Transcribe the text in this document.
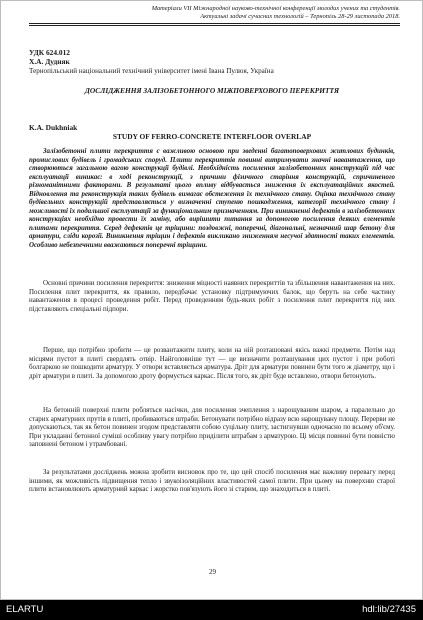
Матеріали VII Міжнародної науково-технічної конференції молодих учених та студентів.
Актуальні задачі сучасних технологій – Тернопіль 28-29 листопада 2018.
УДК 624.012
Х.А. Дудняк
Тернопільський національний технічний університет імені Івана Пулюя, Україна
ДОСЛІДЖЕННЯ ЗАЛІЗОБЕТОННОГО МІЖПОВЕРХОВОГО ПЕРЕКРИТТЯ
K.A. Dukhniak
STUDY OF FERRO-CONCRETE INTERFLOOR OVERLAP
Залізобетонні плити перекриття є важливою основою при зведенні багатоповерхових житлових будинків, промислових будівель і громадських споруд. Плити перекриттів повинні витримувати значні навантаження, що створюються загальною вагою конструкції будівлі. Необхідність посилення залізобетонних конструкцій під час експлуатації виникає: в ході реконструкції, з причини фізичного старіння конструкцій, спричиненого різноманітними факторами. В результаті цього впливу відбувається зниження їх експлуатаційних якостей. Відновлення та реконструкція таких будівель вимагає обстеження їх технічного стану. Оцінка технічного стану будівельних конструкцій представляється у визначенні ступеню пошкодження, категорії технічного стану і можливості їх подальшої експлуатації за функціональним призначенням. При виникненні дефектів в залізобетонних конструкціях необхідно провести їх заміну, або вирішити питання за допомогою посилення деяких елементів плитами перекриття. Серед дефектів це тріщини: поздовжні, поперечні, діагональні, незначний шар бетону для арматури, сліди корозії. Виникнення тріщин і дефектів викликано зниженням несучої здатності таких елементів. Особливо небезпечними вважаються поперечні тріщини.

Основні причини посилення перекриття: зниження міцності наявних перекриттів та збільшення навантаження на них. Посилення плит перекриття, як правило, передбачає установку підтримуючих балок, що беруть на себе частину навантаження в процесі проведення робіт. Перед проведенням будь-яких робіт з посилення плит перекриття під них підставляють спеціальні підпори.

Перше, що потрібно зробити — це розвантажити плиту, коли на ній розташовані якісь важкі предмети. Потім над місцями пустот в плиті свердлять отвір. Найголовніше тут — це визначити розташування цих пустот і при роботі болгаркою не пошкодити арматуру. У отвори вставляється арматура. Дріт для арматури повинен бути того ж діаметру, що і дріт арматури в плиті. За допомогою дроту формується каркас. Після того, як дріт буде вставлено, отвори бетонують.

На бетонній поверхні плити робляться насічки, для посилення зчеплення з нарощуваним шаром, а паралельно до старих арматурних прутів в плиті, пробиваються штраби. Бетонувати потрібно відразу всю нарощувану площу. Перерви не допускаються, так як бетон повинен згодом представляти собою суцільну плиту, застигнувши одночасно по всьому об'єму. При укладанні бетонної суміші особливу увагу потрібно приділити штрабам з арматурою. Ці місця повинні бути повністю заповнені бетоном і утрамбовані.

За результатами досліджень можна зробити висновок про те, що цей спосіб посилення має важливу перевагу перед іншими, як можливість підвищення тепло і звукоізоляційних властивостей самої плити. При цьому на поверхню старої плити встановлюють арматурний каркас і жорстко пов'язують його зі старим, що знаходиться в плиті.

29
ELARTU	hdl:lib/27435
